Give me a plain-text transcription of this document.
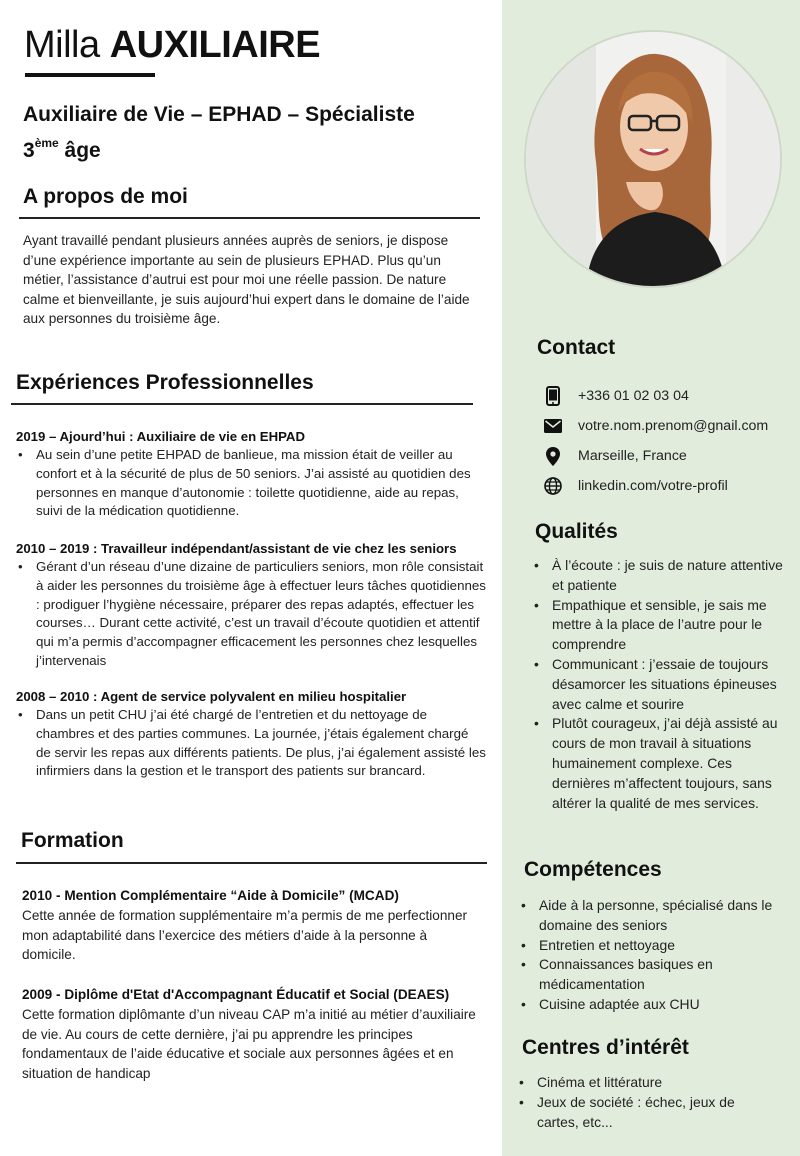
Milla AUXILIAIRE
Auxiliaire de Vie – EPHAD – Spécialiste
3ème âge
A propos de moi
Ayant travaillé pendant plusieurs années auprès de seniors, je dispose d’une expérience importante au sein de plusieurs EPHAD. Plus qu’un métier, l’assistance d’autrui est pour moi une réelle passion. De nature calme et bienveillante, je suis aujourd’hui expert dans le domaine de l’aide aux personnes du troisième âge.
Expériences Professionnelles
2019 – Ajourd’hui : Auxiliaire de vie en EHPAD
• Au sein d’une petite EHPAD de banlieue, ma mission était de veiller au confort et à la sécurité de plus de 50 seniors. J’ai assisté au quotidien des personnes en manque d’autonomie : toilette quotidienne, aide au repas, suivi de la médication quotidienne.
2010 – 2019 : Travailleur indépendant/assistant de vie chez les seniors
• Gérant d’un réseau d’une dizaine de particuliers seniors, mon rôle consistait à aider les personnes du troisième âge à effectuer leurs tâches quotidiennes : prodiguer l’hygiène nécessaire, préparer des repas adaptés, effectuer les courses… Durant cette activité, c’est un travail d’écoute quotidien et attentif qui m’a permis d’accompagner efficacement les personnes chez lesquelles j’intervenais
2008 – 2010 : Agent de service polyvalent en milieu hospitalier
• Dans un petit CHU j’ai été chargé de l’entretien et du nettoyage de chambres et des parties communes. La journée, j’étais également chargé de servir les repas aux différents patients. De plus, j’ai également assisté les infirmiers dans la gestion et le transport des patients sur brancard.
Formation
2010 - Mention Complémentaire “Aide à Domicile” (MCAD)
Cette année de formation supplémentaire m’a permis de me perfectionner mon adaptabilité dans l’exercice des métiers d’aide à la personne à domicile.
2009 - Diplôme d'Etat d'Accompagnant Éducatif et Social (DEAES)
Cette formation diplômante d’un niveau CAP m’a initié au métier d’auxiliaire de vie. Au cours de cette dernière, j’ai pu apprendre les principes fondamentaux de l’aide éducative et sociale aux personnes âgées et en situation de handicap
Contact
+336 01 02 03 04
votre.nom.prenom@gnail.com
Marseille, France
linkedin.com/votre-profil
Qualités
• À l’écoute : je suis de nature attentive et patiente
• Empathique et sensible, je sais me mettre à la place de l’autre pour le comprendre
• Communicant : j’essaie de toujours désamorcer les situations épineuses avec calme et sourire
• Plutôt courageux, j’ai déjà assisté au cours de mon travail à situations humainement complexe. Ces dernières m’affectent toujours, sans altérer la qualité de mes services.
Compétences
• Aide à la personne, spécialisé dans le domaine des seniors
• Entretien et nettoyage
• Connaissances basiques en médicamentation
• Cuisine adaptée aux CHU
Centres d’intérêt
• Cinéma et littérature
• Jeux de société : échec, jeux de cartes, etc...
